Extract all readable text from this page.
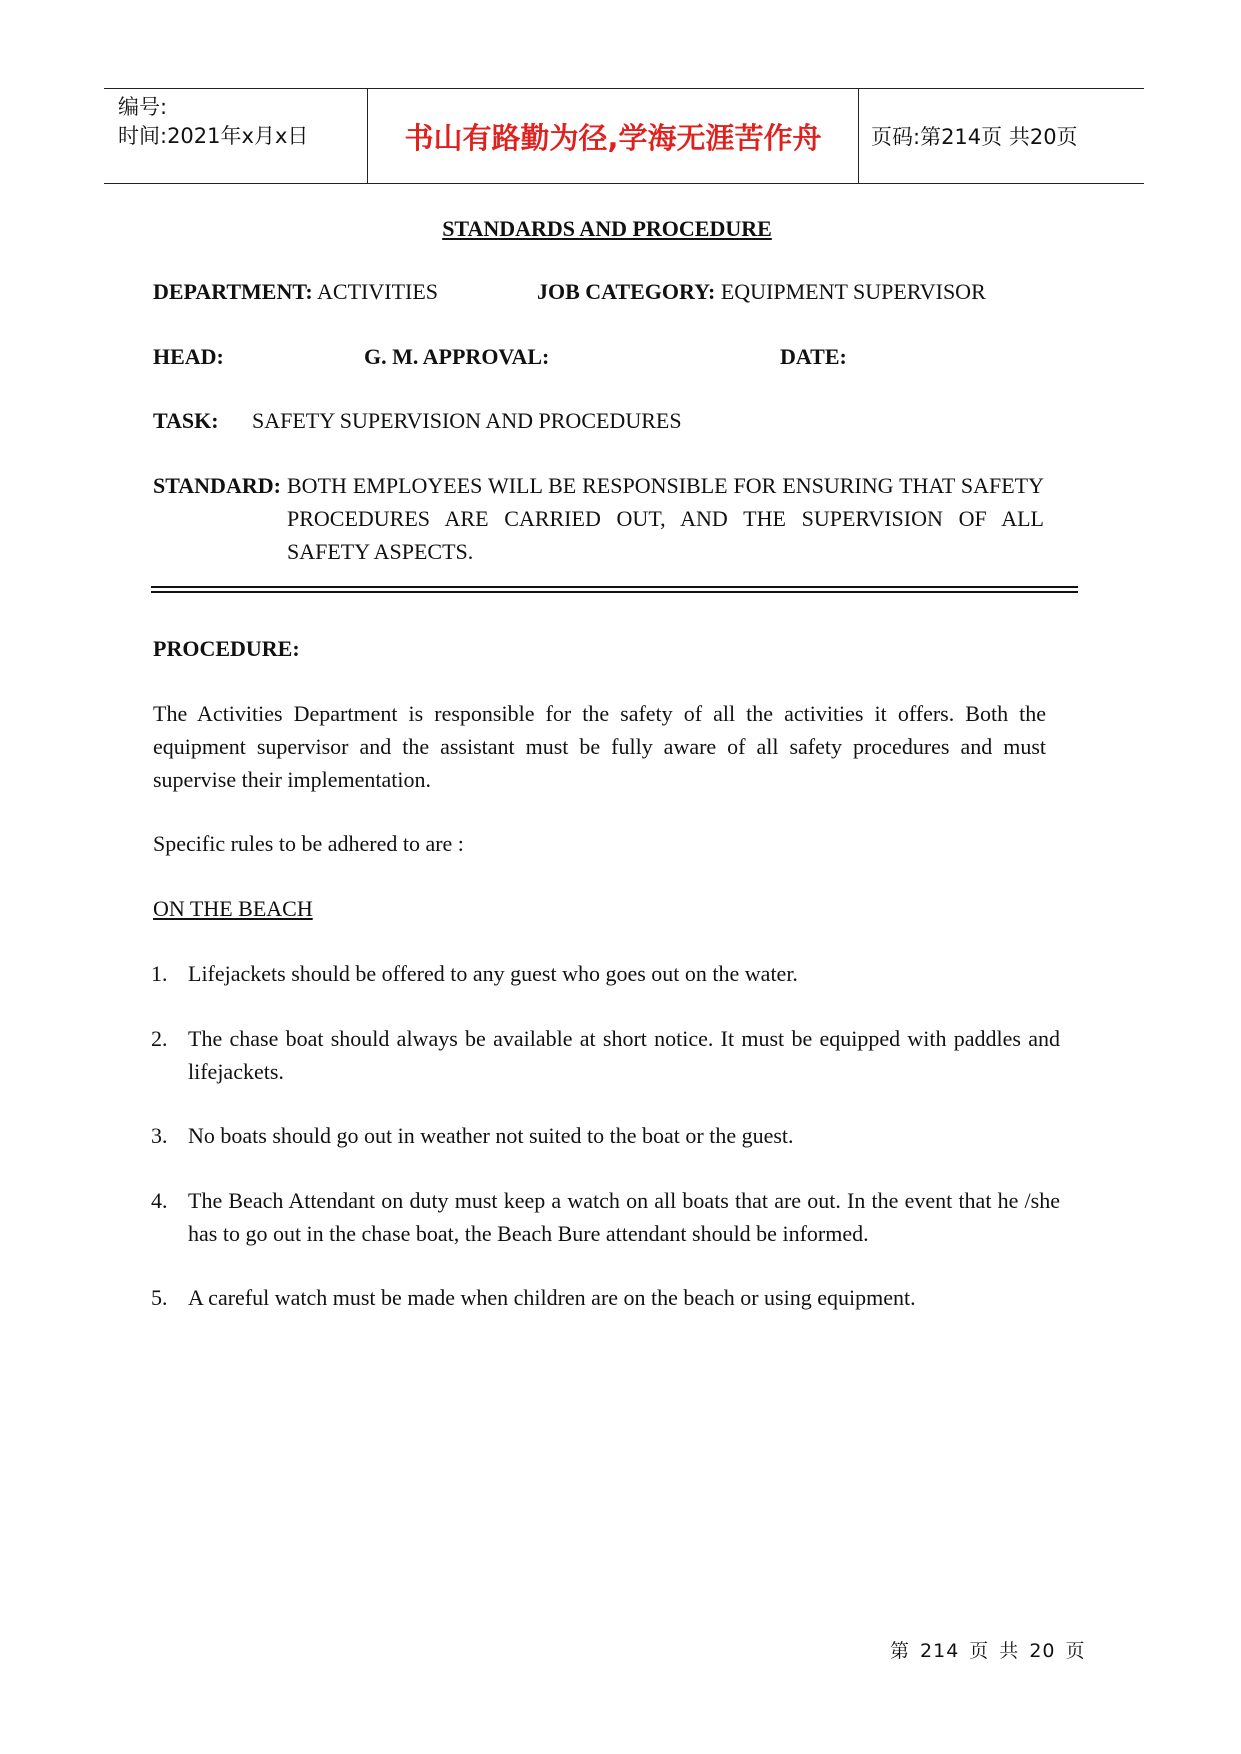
编号:
时间:2021年x月x日	书山有路勤为径,学海无涯苦作舟	页码:第214页 共20页
STANDARDS AND PROCEDURE
DEPARTMENT: ACTIVITIES	JOB CATEGORY: EQUIPMENT SUPERVISOR
HEAD:	G. M. APPROVAL:	DATE:
TASK: SAFETY SUPERVISION AND PROCEDURES
STANDARD: BOTH EMPLOYEES WILL BE RESPONSIBLE FOR ENSURING THAT SAFETY PROCEDURES ARE CARRIED OUT, AND THE SUPERVISION OF ALL SAFETY ASPECTS.
PROCEDURE:
The Activities Department is responsible for the safety of all the activities it offers. Both the equipment supervisor and the assistant must be fully aware of all safety procedures and must supervise their implementation.
Specific rules to be adhered to are :
ON THE BEACH
1. Lifejackets should be offered to any guest who goes out on the water.
2. The chase boat should always be available at short notice. It must be equipped with paddles and lifejackets.
3. No boats should go out in weather not suited to the boat or the guest.
4. The Beach Attendant on duty must keep a watch on all boats that are out. In the event that he /she has to go out in the chase boat, the Beach Bure attendant should be informed.
5. A careful watch must be made when children are on the beach or using equipment.
第 214 页 共 20 页
